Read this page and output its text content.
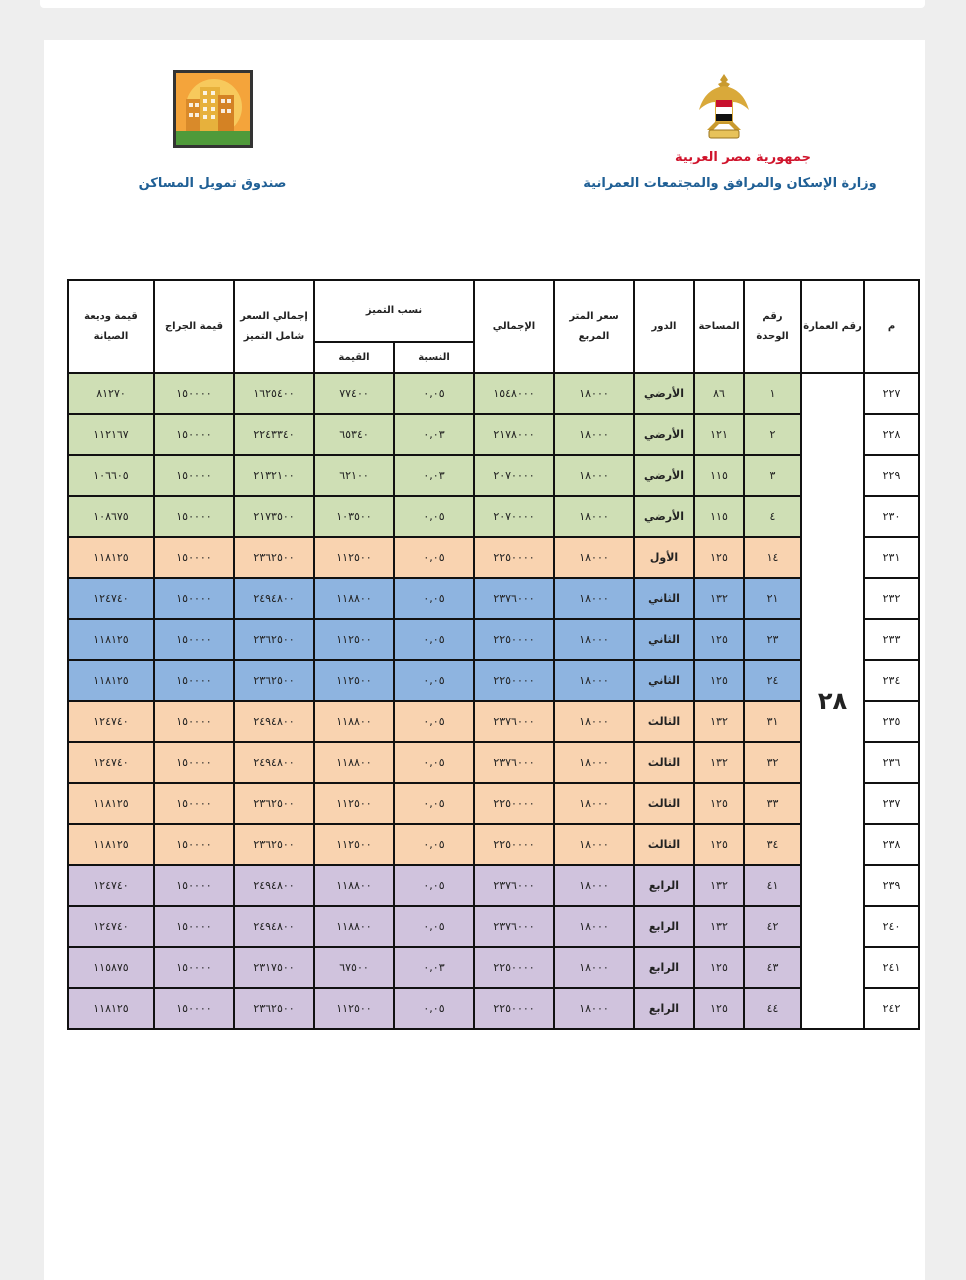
جمهورية مصر العربية
وزارة الإسكان والمرافق والمجتمعات العمرانية
صندوق تمويل المساكن
م	رقم العمارة	رقم الوحدة	المساحة	الدور	سعر المتر المربع	الإجمالي	نسب التميز		إجمالي السعر شامل التميز	قيمة الجراج	قيمة وديعة الصيانة
							النسبة	القيمة			
٢٢٧	٢٨	١	٨٦	الأرضي	١٨٠٠٠	١٥٤٨٠٠٠	٠,٠٥	٧٧٤٠٠	١٦٢٥٤٠٠	١٥٠٠٠٠	٨١٢٧٠
٢٢٨		٢	١٢١	الأرضي	١٨٠٠٠	٢١٧٨٠٠٠	٠,٠٣	٦٥٣٤٠	٢٢٤٣٣٤٠	١٥٠٠٠٠	١١٢١٦٧
٢٢٩		٣	١١٥	الأرضي	١٨٠٠٠	٢٠٧٠٠٠٠	٠,٠٣	٦٢١٠٠	٢١٣٢١٠٠	١٥٠٠٠٠	١٠٦٦٠٥
٢٣٠		٤	١١٥	الأرضي	١٨٠٠٠	٢٠٧٠٠٠٠	٠,٠٥	١٠٣٥٠٠	٢١٧٣٥٠٠	١٥٠٠٠٠	١٠٨٦٧٥
٢٣١		١٤	١٢٥	الأول	١٨٠٠٠	٢٢٥٠٠٠٠	٠,٠٥	١١٢٥٠٠	٢٣٦٢٥٠٠	١٥٠٠٠٠	١١٨١٢٥
٢٣٢		٢١	١٣٢	الثاني	١٨٠٠٠	٢٣٧٦٠٠٠	٠,٠٥	١١٨٨٠٠	٢٤٩٤٨٠٠	١٥٠٠٠٠	١٢٤٧٤٠
٢٣٣		٢٣	١٢٥	الثاني	١٨٠٠٠	٢٢٥٠٠٠٠	٠,٠٥	١١٢٥٠٠	٢٣٦٢٥٠٠	١٥٠٠٠٠	١١٨١٢٥
٢٣٤		٢٤	١٢٥	الثاني	١٨٠٠٠	٢٢٥٠٠٠٠	٠,٠٥	١١٢٥٠٠	٢٣٦٢٥٠٠	١٥٠٠٠٠	١١٨١٢٥
٢٣٥		٣١	١٣٢	الثالث	١٨٠٠٠	٢٣٧٦٠٠٠	٠,٠٥	١١٨٨٠٠	٢٤٩٤٨٠٠	١٥٠٠٠٠	١٢٤٧٤٠
٢٣٦		٣٢	١٣٢	الثالث	١٨٠٠٠	٢٣٧٦٠٠٠	٠,٠٥	١١٨٨٠٠	٢٤٩٤٨٠٠	١٥٠٠٠٠	١٢٤٧٤٠
٢٣٧		٣٣	١٢٥	الثالث	١٨٠٠٠	٢٢٥٠٠٠٠	٠,٠٥	١١٢٥٠٠	٢٣٦٢٥٠٠	١٥٠٠٠٠	١١٨١٢٥
٢٣٨		٣٤	١٢٥	الثالث	١٨٠٠٠	٢٢٥٠٠٠٠	٠,٠٥	١١٢٥٠٠	٢٣٦٢٥٠٠	١٥٠٠٠٠	١١٨١٢٥
٢٣٩		٤١	١٣٢	الرابع	١٨٠٠٠	٢٣٧٦٠٠٠	٠,٠٥	١١٨٨٠٠	٢٤٩٤٨٠٠	١٥٠٠٠٠	١٢٤٧٤٠
٢٤٠		٤٢	١٣٢	الرابع	١٨٠٠٠	٢٣٧٦٠٠٠	٠,٠٥	١١٨٨٠٠	٢٤٩٤٨٠٠	١٥٠٠٠٠	١٢٤٧٤٠
٢٤١		٤٣	١٢٥	الرابع	١٨٠٠٠	٢٢٥٠٠٠٠	٠,٠٣	٦٧٥٠٠	٢٣١٧٥٠٠	١٥٠٠٠٠	١١٥٨٧٥
٢٤٢		٤٤	١٢٥	الرابع	١٨٠٠٠	٢٢٥٠٠٠٠	٠,٠٥	١١٢٥٠٠	٢٣٦٢٥٠٠	١٥٠٠٠٠	١١٨١٢٥
